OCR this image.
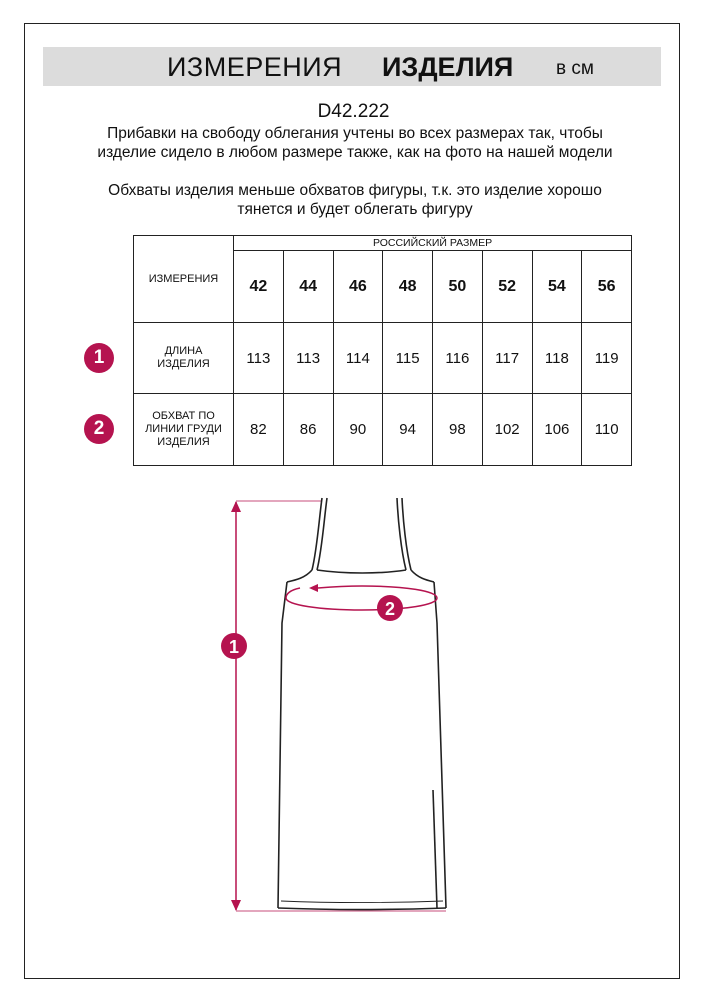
ИЗМЕРЕНИЯ ИЗДЕЛИЯ в см
D42.222
Прибавки на свободу облегания учтены во всех размерах так, чтобы изделие сидело в любом размере также, как на фото на нашей модели
Обхваты изделия меньше обхватов фигуры, т.к. это изделие хорошо тянется и будет облегать фигуру
ИЗМЕРЕНИЯ	РОССИЙСКИЙ РАЗМЕР							
	42	44	46	48	50	52	54	56
ДЛИНА
ИЗДЕЛИЯ	113	113	114	115	116	117	118	119
ОБХВАТ ПО
ЛИНИИ ГРУДИ
ИЗДЕЛИЯ	82	86	90	94	98	102	106	110
1
2
1
2
